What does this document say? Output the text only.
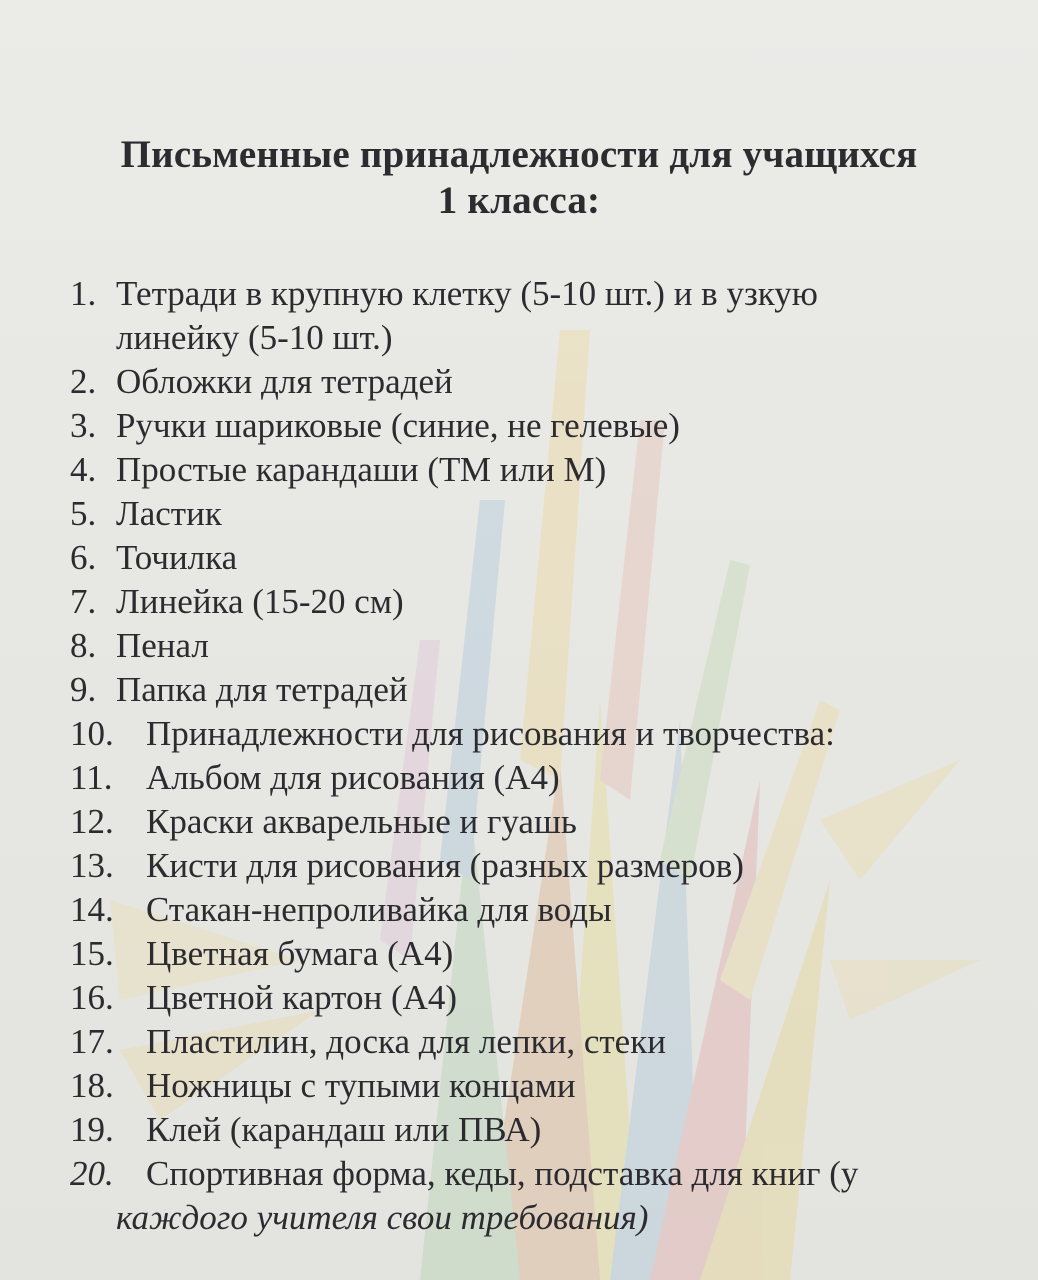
Письменные принадлежности для учащихся
1 класса:
1. Тетради в крупную клетку (5-10 шт.) и в узкую
линейку (5-10 шт.)
2. Обложки для тетрадей
3. Ручки шариковые (синие, не гелевые)
4. Простые карандаши (ТМ или М)
5. Ластик
6. Точилка
7. Линейка (15-20 см)
8. Пенал
9. Папка для тетрадей
10. Принадлежности для рисования и творчества:
11. Альбом для рисования (А4)
12. Краски акварельные и гуашь
13. Кисти для рисования (разных размеров)
14. Стакан-непроливайка для воды
15. Цветная бумага (А4)
16. Цветной картон (А4)
17. Пластилин, доска для лепки, стеки
18. Ножницы с тупыми концами
19. Клей (карандаш или ПВА)
20. Спортивная форма, кеды, подставка для книг (у
каждого учителя свои требования)
